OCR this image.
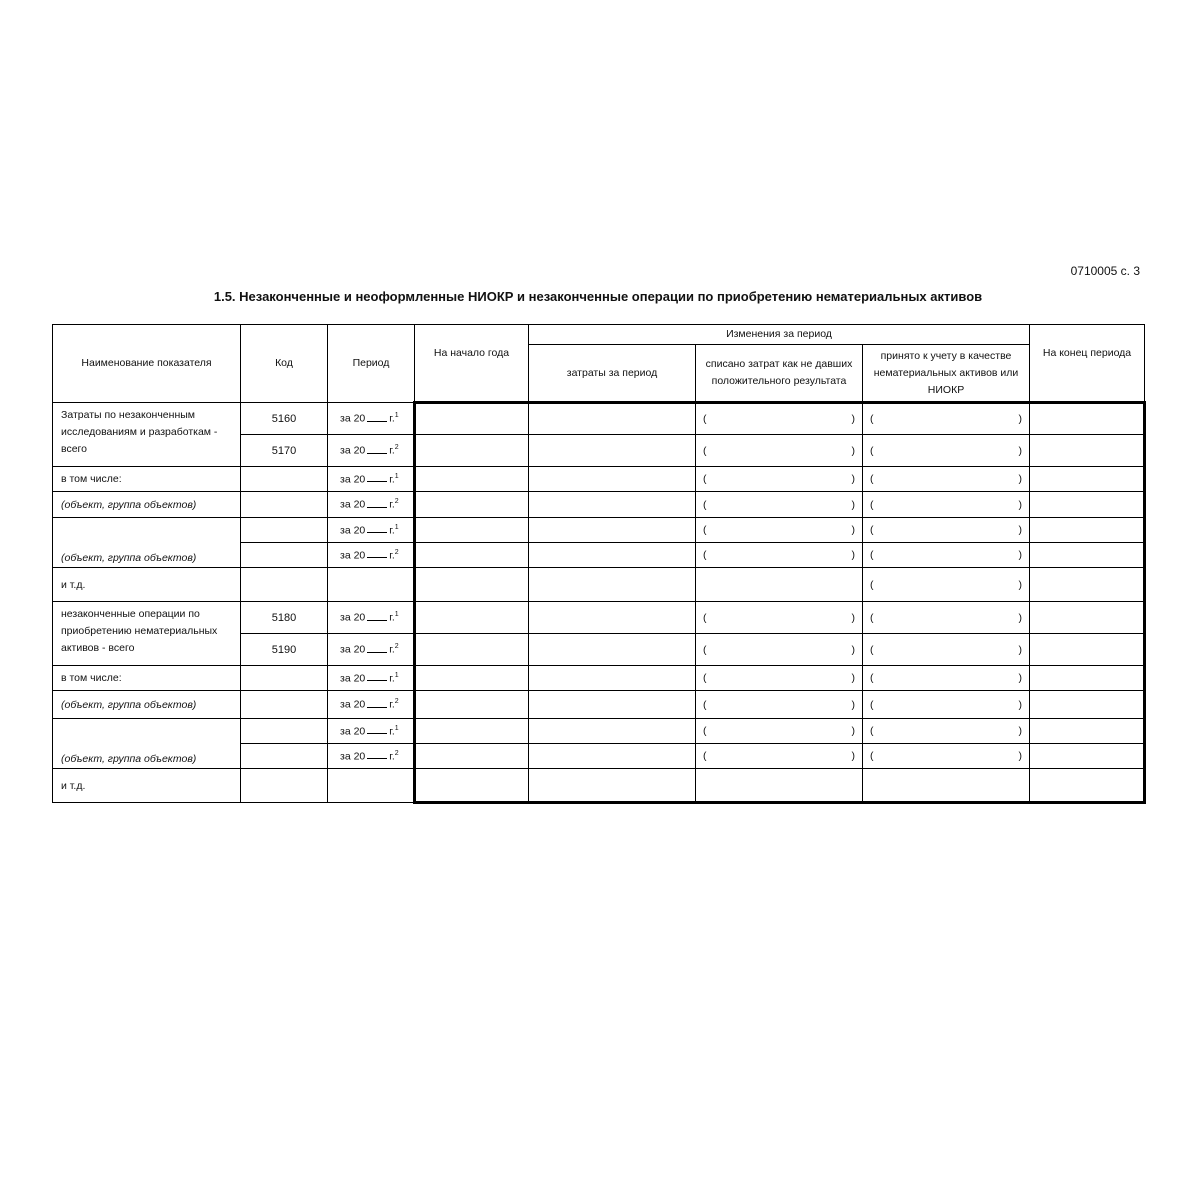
0710005 с. 3
1.5. Незаконченные и неоформленные НИОКР и незаконченные операции по приобретению нематериальных активов
Наименование показателя	Код	Период	На начало года	Изменения за период			На конец периода
				затраты за период	списано затрат как не давших положительного результата	принято к учету в качестве нематериальных активов или НИОКР	
Затраты по незаконченным исследованиям и разработкам - всего	5160	за 20 г.$^1$			( )	( )	

	5170	за 20 г.$^2$			( )	( )	

в том числе:		за 20 г.$^1$			( )	( )	

(объект, группа объектов)		за 20 г.$^2$			( )	( )	

(объект, группа объектов)		за 20 г.$^1$			( )	( )	

		за 20 г.$^2$			( )	( )	

и т.д.						( )	

незаконченные операции по приобретению нематериальных активов - всего	5180	за 20 г.$^1$			( )	( )	

	5190	за 20 г.$^2$			( )	( )	

в том числе:		за 20 г.$^1$			( )	( )	

(объект, группа объектов)		за 20 г.$^2$			( )	( )	

(объект, группа объектов)		за 20 г.$^1$			( )	( )	

		за 20 г.$^2$			( )	( )	

и т.д.							
